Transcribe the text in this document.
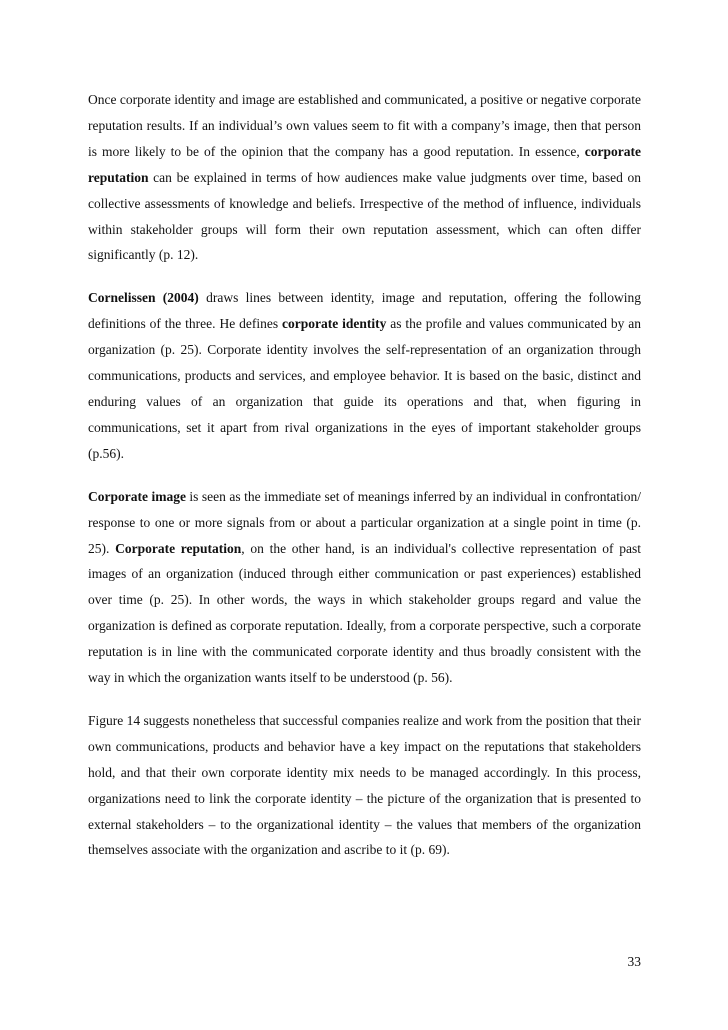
Once corporate identity and image are established and communicated, a positive or negative corporate reputation results. If an individual’s own values seem to fit with a company’s image, then that person is more likely to be of the opinion that the company has a good reputation. In essence, corporate reputation can be explained in terms of how audiences make value judgments over time, based on collective assessments of knowledge and beliefs. Irrespective of the method of influence, individuals within stakeholder groups will form their own reputation assessment, which can often differ significantly (p. 12).

Cornelissen (2004) draws lines between identity, image and reputation, offering the following definitions of the three. He defines corporate identity as the profile and values communicated by an organization (p. 25). Corporate identity involves the self-representation of an organization through communications, products and services, and employee behavior. It is based on the basic, distinct and enduring values of an organization that guide its operations and that, when figuring in communications, set it apart from rival organizations in the eyes of important stakeholder groups (p.56).

Corporate image is seen as the immediate set of meanings inferred by an individual in confrontation/ response to one or more signals from or about a particular organization at a single point in time (p. 25). Corporate reputation, on the other hand, is an individual's collective representation of past images of an organization (induced through either communication or past experiences) established over time (p. 25). In other words, the ways in which stakeholder groups regard and value the organization is defined as corporate reputation. Ideally, from a corporate perspective, such a corporate reputation is in line with the communicated corporate identity and thus broadly consistent with the way in which the organization wants itself to be understood (p. 56).

Figure 14 suggests nonetheless that successful companies realize and work from the position that their own communications, products and behavior have a key impact on the reputations that stakeholders hold, and that their own corporate identity mix needs to be managed accordingly. In this process, organizations need to link the corporate identity – the picture of the organization that is presented to external stakeholders – to the organizational identity – the values that members of the organization themselves associate with the organization and ascribe to it (p. 69).

33
